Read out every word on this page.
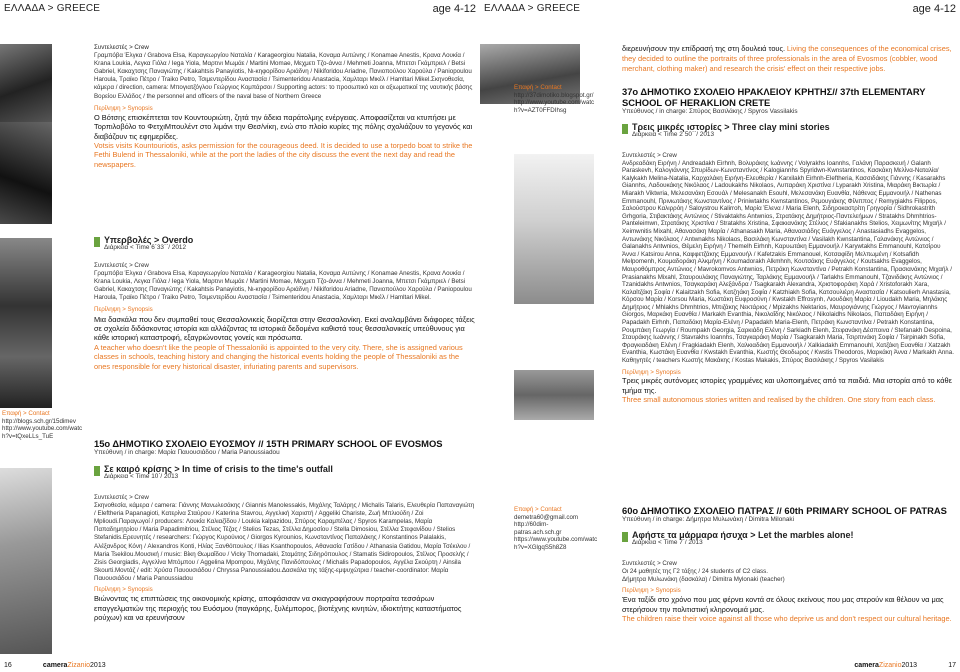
ΕΛΛΑΔΑ > GREECE	age 4-12
Επαφή > Contact
http://blogs.sch.gr/15dimev
http://www.youtube.com/watc
h?v=tQxeLLs_TuE
Συντελεστές > Crew
Γραμπόβα Έλγκα / Grabova Elsa, Καραγεωργίου Ναταλία / Karageorgiou Natalia, Κοναμα Αυτώνης / Konamae Anestis, Κρανα Λουκία / Krana Loukia, Λεγκα Γιόλα / Ιega Yiola, Μαρτινι Μωμάε / Martini Momae, Μεχμετι Τζο-άννα / Mehmeti Joanna, Μπετσι Γκάμπριελ / Betsi Gabriel, Κακαχτσης Παναγιώτης / Kakahtsis Panayiotis, Νι-κηφορίδου Αριάδνη / Nikiforidou Ariadne, Πανιοπούλου Χαρούλα / Paniopoulou Haroula, Τραϊκο Πέτρο / Traiko Petro, Τσιμεντερίδου Αναστασία / Tsimenteridou Anastacia, Χαμλταρι Μικέλ / Hamltari Mikel.Σκηνοθεσία, κάμερα / direction, camera: Μπογιατζόγλου Γεώργιος Κομπάρσοι / Supporting actors: το προσωπικό και οι αξιωματικοί της ναυτικής βάσης Βορείου Ελλάδος / the personnel and officers of the naval base of Northern Greece
Περίληψη > Synopsis
Ο Βότσης επισκέπτεται τον Κουντουριώτη, ζητά την άδεια παράτολμης ενέργειας. Αποφασίζεται να κτυπήσει με Τορπιλοβόλο το ΦετχιΜπουλέντ στο λιμάνι την Θεσ/νίκη, ενώ στο πλοίο κυρίες της πόλης σχολιάζουν το γεγονός και διαβάζουν τις εφημερίδες.
Votsis visits Kountouriotis, asks permission for the courageous deed. It is decided to use a torpedo boat to strike the Fethi Bulend in Thessaloniki, while at the port the ladies of the city discuss the event the next day and read the newspapers.
Υπερβολές > Overdo
Διάρκεια < Time 6΄33΄΄/ 2012
Συντελεστές > Crew
Γραμπόβα Έλγκα / Grabova Elsa, Καραγεωργίου Ναταλία / Karageorgiou Natalia, Κοναμα Αυτώνης / Konamae Anestis, Κρανα Λουκία / Krana Loukia, Λεγκα Γιόλα / Ιega Yiola, Μαρτινι Μωμάε / Martini Momae, Μεχμετι Τζο-άννα / Mehmeti Joanna, Μπετσι Γκάμπριελ / Betsi Gabriel, Κακαχτσης Παναγιώτης / Kakahtsis Panayiotis, Νι-κηφορίδου Αριάδνη / Nikiforidou Ariadne, Πανιοπούλου Χαρούλα / Paniopoulou Haroula, Τραϊκο Πέτρο / Traiko Petro, Τσιμεντερίδου Αναστασία / Tsimenteridou Anastacia, Χαμλταρι Μικέλ / Hamltari Mikel.
Περίληψη > Synopsis
Μια δασκάλα που δεν συμπαθεί τους Θεσσαλονικείς διορίζεται στην Θεσσαλονίκη. Εκεί αναλαμβάνει διάφορες τάξεις σε σχολεία διδάσκοντας ιστορία και αλλάζοντας τα ιστορικά δεδομένα καθιστά τους θεσσαλονικείς υπεύθυνους για κάθε ιστορική καταστροφή, εξαγριώνοντας γονείς και πρόσωπα.
A teacher who doesn't like the people of Thessaloniki is appointed to the very city. There, she is assigned various classes in schools, teaching history and changing the historical events holding the people of Thessaloniki as the ones responsible for every historical disaster, infuriating parents and supervisors.
15ο ΔΗΜΟΤΙΚΟ ΣΧΟΛΕΙΟ ΕΥΟΣΜΟΥ // 15TH PRIMARY SCHOOL OF EVOSMOS
Υπεύθυνη / in charge: Μαρία Παυουσιάδου / Maria Panoussiadou
Σε καιρό κρίσης > In time of crisis to the time's outfall
Διάρκεια < Time 10΄/ 2013
Συντελεστές > Crew
Σκηνοθεσία, κάμερα / camera: Γιάννης Μανωλεσάκης / Giannis Manolessakis, Μιχάλης Ταλάρης / Michalis Talaris, Ελευθερία Παπαναγιώτη / Eleftheria Papanagioti, Κατερίνα Σταύρου / Katerina Stavrou, Αγγελική Χαριστή / Aggeliki Chariste, Ζωή Μπλιούδη / Zoi Mplioudi.Παραγωγοί / producers: Λουκία Καλιαζίδου / Loukia kalpazidou, Σπύρος Καραμπέλας / Spyros Karampelas, Μαρία Παπαδημητρίου / Maria Papadimitriou, Στέλιος Τέζας / Stelios Tezas, Στέλλα Δημοσίου / Stella Dimosiou, Στέλλα Στεφανίδου / Stelios Stefanidis.Ερευνητές / researchers: Γιώργος Κυρούνιος / Giorgos Kyrounios, Κωνσταντίνος Παπαλάκης / Konstantinos Palalakis, Αλέξανδρος Κόνη / Alexandros Konti, Ηλίας Ξανθόπουλος / Ilias Ksanthopoulos, Αθανασία Γατίδου / Athanasia Gatidou, Μαρία Τσέκιλου / Maria Tsekilou.Μουσική / music: Βίκη Θωμαΐδου / Vicky Thomadaki, Σταμάτης Σιδηρόπουλος / Stamatis Sidiropoulos, Στέλιος Προσελής / Zisis Georgiadis, Αγγελίνα Μπόμπου / Aggelina Mpompou, Μιχάλης Πανιδόπουλος / Michalis Papadopoulos, Αγγέλα Σκούρτη / Ainsila Skourti.Μοντάζ / edit: Χρύσα Παυουσιάδου / Chryssa Panoussiadou.Δασκάλα της τάξης-εμψυχώτρια / teacher-coordinator: Μαρία Παυουσιάδου / Maria Panoussiadou
Περίληψη > Synopsis
Βιώνοντας τις επιπτώσεις της οικονομικής κρίσης, αποφάσισαν να σκιαγραφήσουν πορτραίτα τεσσάρων επαγγελματιών της περιοχής του Ευόσμου (παγκάρης, ξυλέμπορος, βιοτέχνης κινητών, ιδιοκτήτης καταστήματος ρούχων) και να ερευνήσουν
16	cameraZizanio2013
ΕΛΛΑΔΑ > GREECE	age 4-12
Επαφή > Contact
http://37dimotiko.blogspot.gr/
http://www.youtube.com/watc
h?v=AZT0FFDIhsg
Επαφή > Contact
demetra60@gmail.com
http://60dim-patras.ach.sch.gr
https://www.youtube.com/watc
h?v=XGlgqS5h8Z8
διερευνήσουν την επίδρασή της στη δουλειά τους. Living the consequences of the economical crises, they decided to outline the portraits of three professionals in the area of Evosmos (cobbler, wood merchant, clothing maker) and research the crisis' effect on their respective jobs.
37ο ΔΗΜΟΤΙΚΟ ΣΧΟΛΕΙΟ ΗΡΑΚΛΕΙΟΥ ΚΡΗΤΗΣ// 37th ELEMENTARY SCHOOL OF HERAKLION CRETE
Υπεύθυνος / in charge: Σπύρος Βασιλάκης / Spyros Vassilakis
Τρεις μικρές ιστορίες > Three clay mini stories
Διάρκεια < Time 2΄50΄΄/ 2013
Συντελεστές > Crew
Ανδρεαδάκη Ειρήνη / Andreadakh Eirhnh, Βολυράκης Ιωάννης / Volyrakhs Ioannhs, Γαλάνη Παρασκευή / Galanh Paraskevh, Καλογιάννης Σπυρίδων-Κωνσταντίνος / Kalogiannhs Spyridwn-Kwnstantinos, Κασκάκη Μελίνα-Ναταλία/ Kalykakh Melina-Natalia, Καρχαλάκη Ειρήνη-Ελευθερία / Karxilakh Eirhnh-Eleftheria, Κασσιδάκης Γιάννης / Kasarakhs Giannhs, Λαδουκάκης Νικόλαος / Ladoukakhs Nikolaos, Λυπαράκη Χριστίνα / Lyparakh Xristina, Μιαράκη Βικτωρία / Miarakh Viktwria, Μελεσανάκη Εσουάλ / Melesanakh Esouhl, Μελεσανάκη Ευανθία, Νάθενας Εμμανουήλ / Nathenas Emmanouhl, Πρινιωτάκης Κωνσταντίνος / Priniwtakhs Kwnstantinos, Ρεμουγιάκης Φίλιππος / Remygiakhs Filippos, Σαλούστρου Καλιρρόη / Saloystrou Kalirroh, Μαρία Έλενα / Maria Elenh, Σιδηροκαστρίτη Γρηγορία / Sidhrokastrith Grhgoria, Στιβακτάκης Αντώνιος / Stivaktakhs Antwnios, Στρατάκης Δημήτριος-Παντελεήμων / Stratakhs Dhmhtrios-Panteleimwn, Στρατάκης Χριστίνα / Stratakhs Xristina, Σφακιανάκης Στέλιος / Sfakianakhs Stelios, Χειμωνίτης Μιχαήλ / Xeimwnitis Mixahl, Αθανασάκη Μαρία / Athanasakh Maria, Αθανασιάδης Ευάγγελος / Anastasiadhs Evaggelos, Αντωνάκης Νικόλαος / Antwnakhs Nikolaos, Βασιλάκη Κωνσταντίνα / Vasilakh Kwnstantina, Γαλανάκης Αντώνιος / Galanakhs Antwnios, Θέμελη Ειρήνη / Themelh Eirhnh, Καρυωτάκη Εμμανουήλ / Karywtakhs Emmanouhl, Κατσίρου Άννα / Katsirou Anna, Καφφετζάκης Εμμανουήλ / Kafetzakis Emmanouel, Κοτσαφίδη Μελπωμένη / Kotsafidh Melpomenh, Κουμαδοράκη Αλκμήνη / Koumadorakh Alkmhnh, Κουτσάκης Ευάγγελος / Koutsakhs Evaggelos, Μαυροθόμπρος Αντώνιος / Mavrokomvos Antwnios, Πετράκη Κωνσταντίνα / Petrakh Konstantina, Πρασιανάκης Μιχαήλ / Prasianakhs Mixahl, Σταυρουλάκης Παναγιώτης, Ταρλάκης Εμμανουήλ / Tarlakhs Emmanouhl, Τζανιδάκης Αντώνιος / Tzanidakhs Antwnios, Τσαγκαράκη Αλεξάνδρα / Tsagkarakh Alexandra, Χριστοφοράκη Χαρά / Xristoforakh Xara, Καλαϊτζάκη Σοφία / Kalaitzakh Sofia, Κατζηάκη Σοφία / Katzhiakh Sofia, Κατσουλιέρη Αναστασία / Katsoulierh Anastasia, Κόρσου Μαρία / Korsou Maria, Κωστάκη Ευφροσύνη / Kwstakh Effrosynh, Λιουδάκη Μαρία / Lioudakh Maria, Μηλάκης Δημήτριος / Mhlakhs Dhmhtrios, Μπιζάκης Νεκτάριος / Mpizakhs Nektarios, Μαυρογιάννης Γιώργος / Mavroyiannhs Giorgos, Μαρκάκη Ευανθία / Markakh Evanthia, Νικολαΐδης Νικόλαος / Nikolaidhs Nikolaos, Παπαδάκη Ειρήνη / Papadakh Eirhnh, Παπαδάκη Μαρία-Ελένη / Papadakh Maria-Elenh, Πετράκη Κωνσταντίνα / Petrakh Konstantina, Ρουμπάκη Γεωργία / Roumpakh Georgia, Σαρκιάδη Ελένη / Sarkiadh Elenh, Στεφανάκη Δέσποινα / Stefanakh Despoina, Σταυράκης Ιωάννης / Stavrakhs Ioannhs, Τσαγκαράκη Μαρία / Tsagkarakh Maria, Τσιρπινάκη Σοφία / Tsirpinakh Sofia, Φραγκιαδάκη Ελένη / Fragkiadakh Elenh, Χαλκιαδάκη Εμμανουήλ / Xalkiadakh Emmanouhl, Χατζάκη Ευανθία / Xatzakh Evanthia, Κωστάκη Ευανθία / Kwstakh Evanthia, Κωστής Θεοδωρος / Kwstis Theodoros, Μαρκάκη Άννα / Markakh Anna. Καθηγητές / teachers Κωστής Μακάκης / Kostas Makakis, Σπύρος Βασιλάκης / Spyros Vasilakis
Περίληψη > Synopsis
Τρεις μικρές αυτόνομες ιστορίες γραμμένες και υλοποιημένες από τα παιδιά. Μια ιστορία από το κάθε τμήμα της.
Three small autonomous stories written and realised by the children. One story from each class.
60ο ΔΗΜΟΤΙΚΟ ΣΧΟΛΕΙΟ ΠΑΤΡΑΣ // 60th PRIMARY SCHOOL OF PATRAS
Υπεύθυνη / in charge: Δήμητρα Μυλωνάκη / Dimitra Milonaki
Αφήστε τα μάρμαρα ήσυχα > Let the marbles alone!
Διάρκεια < Time 7΄/ 2013
Συντελεστές > Crew
Οι 24 μαθητές της Γ2 τάξης / 24 students of C2 class.
Δήμητρα Μυλωνάκη (δασκάλα) / Dimitra Mylonaki (teacher)
Περίληψη > Synopsis
Ένα ταξίδι στο χρόνο που μας φέρνει κοντά σε όλους εκείνους που μας στερούν και θέλουν να μας στερήσουν την πολιτιστική κληρονομιά μας.
The children raise their voice against all those who deprive us and don't respect our cultural heritage.
cameraZizanio2013	17
